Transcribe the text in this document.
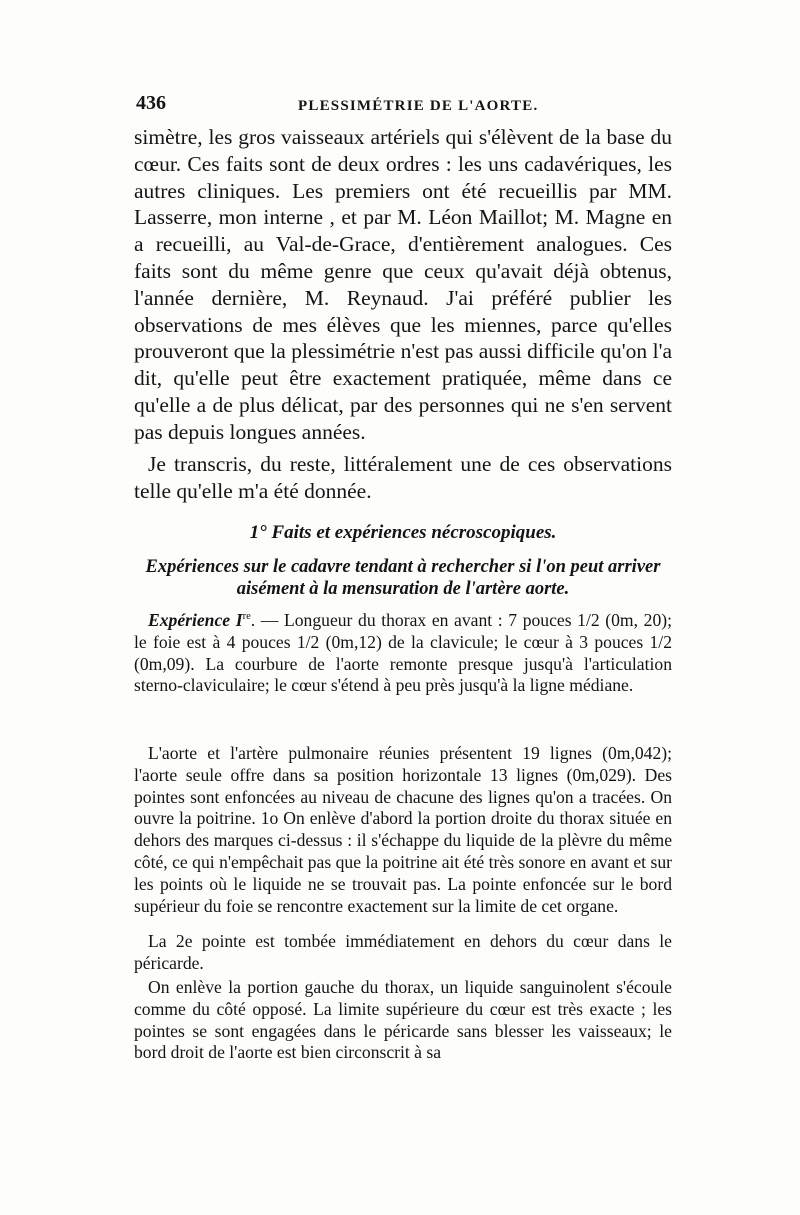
436	PLESSIMÉTRIE DE L'AORTE.
simètre, les gros vaisseaux artériels qui s'élèvent de la base du cœur. Ces faits sont de deux ordres : les uns cadavériques, les autres cliniques. Les premiers ont été recueillis par MM. Lasserre, mon interne , et par M. Léon Maillot; M. Magne en a recueilli, au Val-de-Grace, d'entièrement analogues. Ces faits sont du même genre que ceux qu'avait déjà obtenus, l'année dernière, M. Reynaud. J'ai préféré publier les observations de mes élèves que les miennes, parce qu'elles prouveront que la plessimétrie n'est pas aussi difficile qu'on l'a dit, qu'elle peut être exactement pratiquée, même dans ce qu'elle a de plus délicat, par des personnes qui ne s'en servent pas depuis longues années.
Je transcris, du reste, littéralement une de ces observations telle qu'elle m'a été donnée.
1° Faits et expériences nécroscopiques.
Expériences sur le cadavre tendant à rechercher si l'on peut arriver aisément à la mensuration de l'artère aorte.
Expérience Ire. — Longueur du thorax en avant : 7 pouces 1/2 (0m, 20); le foie est à 4 pouces 1/2 (0m,12) de la clavicule; le cœur à 3 pouces 1/2 (0m,09). La courbure de l'aorte remonte presque jusqu'à l'articulation sterno-claviculaire; le cœur s'étend à peu près jusqu'à la ligne médiane.
L'aorte et l'artère pulmonaire réunies présentent 19 lignes (0m,042); l'aorte seule offre dans sa position horizontale 13 lignes (0m,029). Des pointes sont enfoncées au niveau de chacune des lignes qu'on a tracées. On ouvre la poitrine. 1o On enlève d'abord la portion droite du thorax située en dehors des marques ci-dessus : il s'échappe du liquide de la plèvre du même côté, ce qui n'empêchait pas que la poitrine ait été très sonore en avant et sur les points où le liquide ne se trouvait pas. La pointe enfoncée sur le bord supérieur du foie se rencontre exactement sur la limite de cet organe.
La 2e pointe est tombée immédiatement en dehors du cœur dans le péricarde.
On enlève la portion gauche du thorax, un liquide sanguinolent s'écoule comme du côté opposé. La limite supérieure du cœur est très exacte ; les pointes se sont engagées dans le péricarde sans blesser les vaisseaux; le bord droit de l'aorte est bien circonscrit à sa
